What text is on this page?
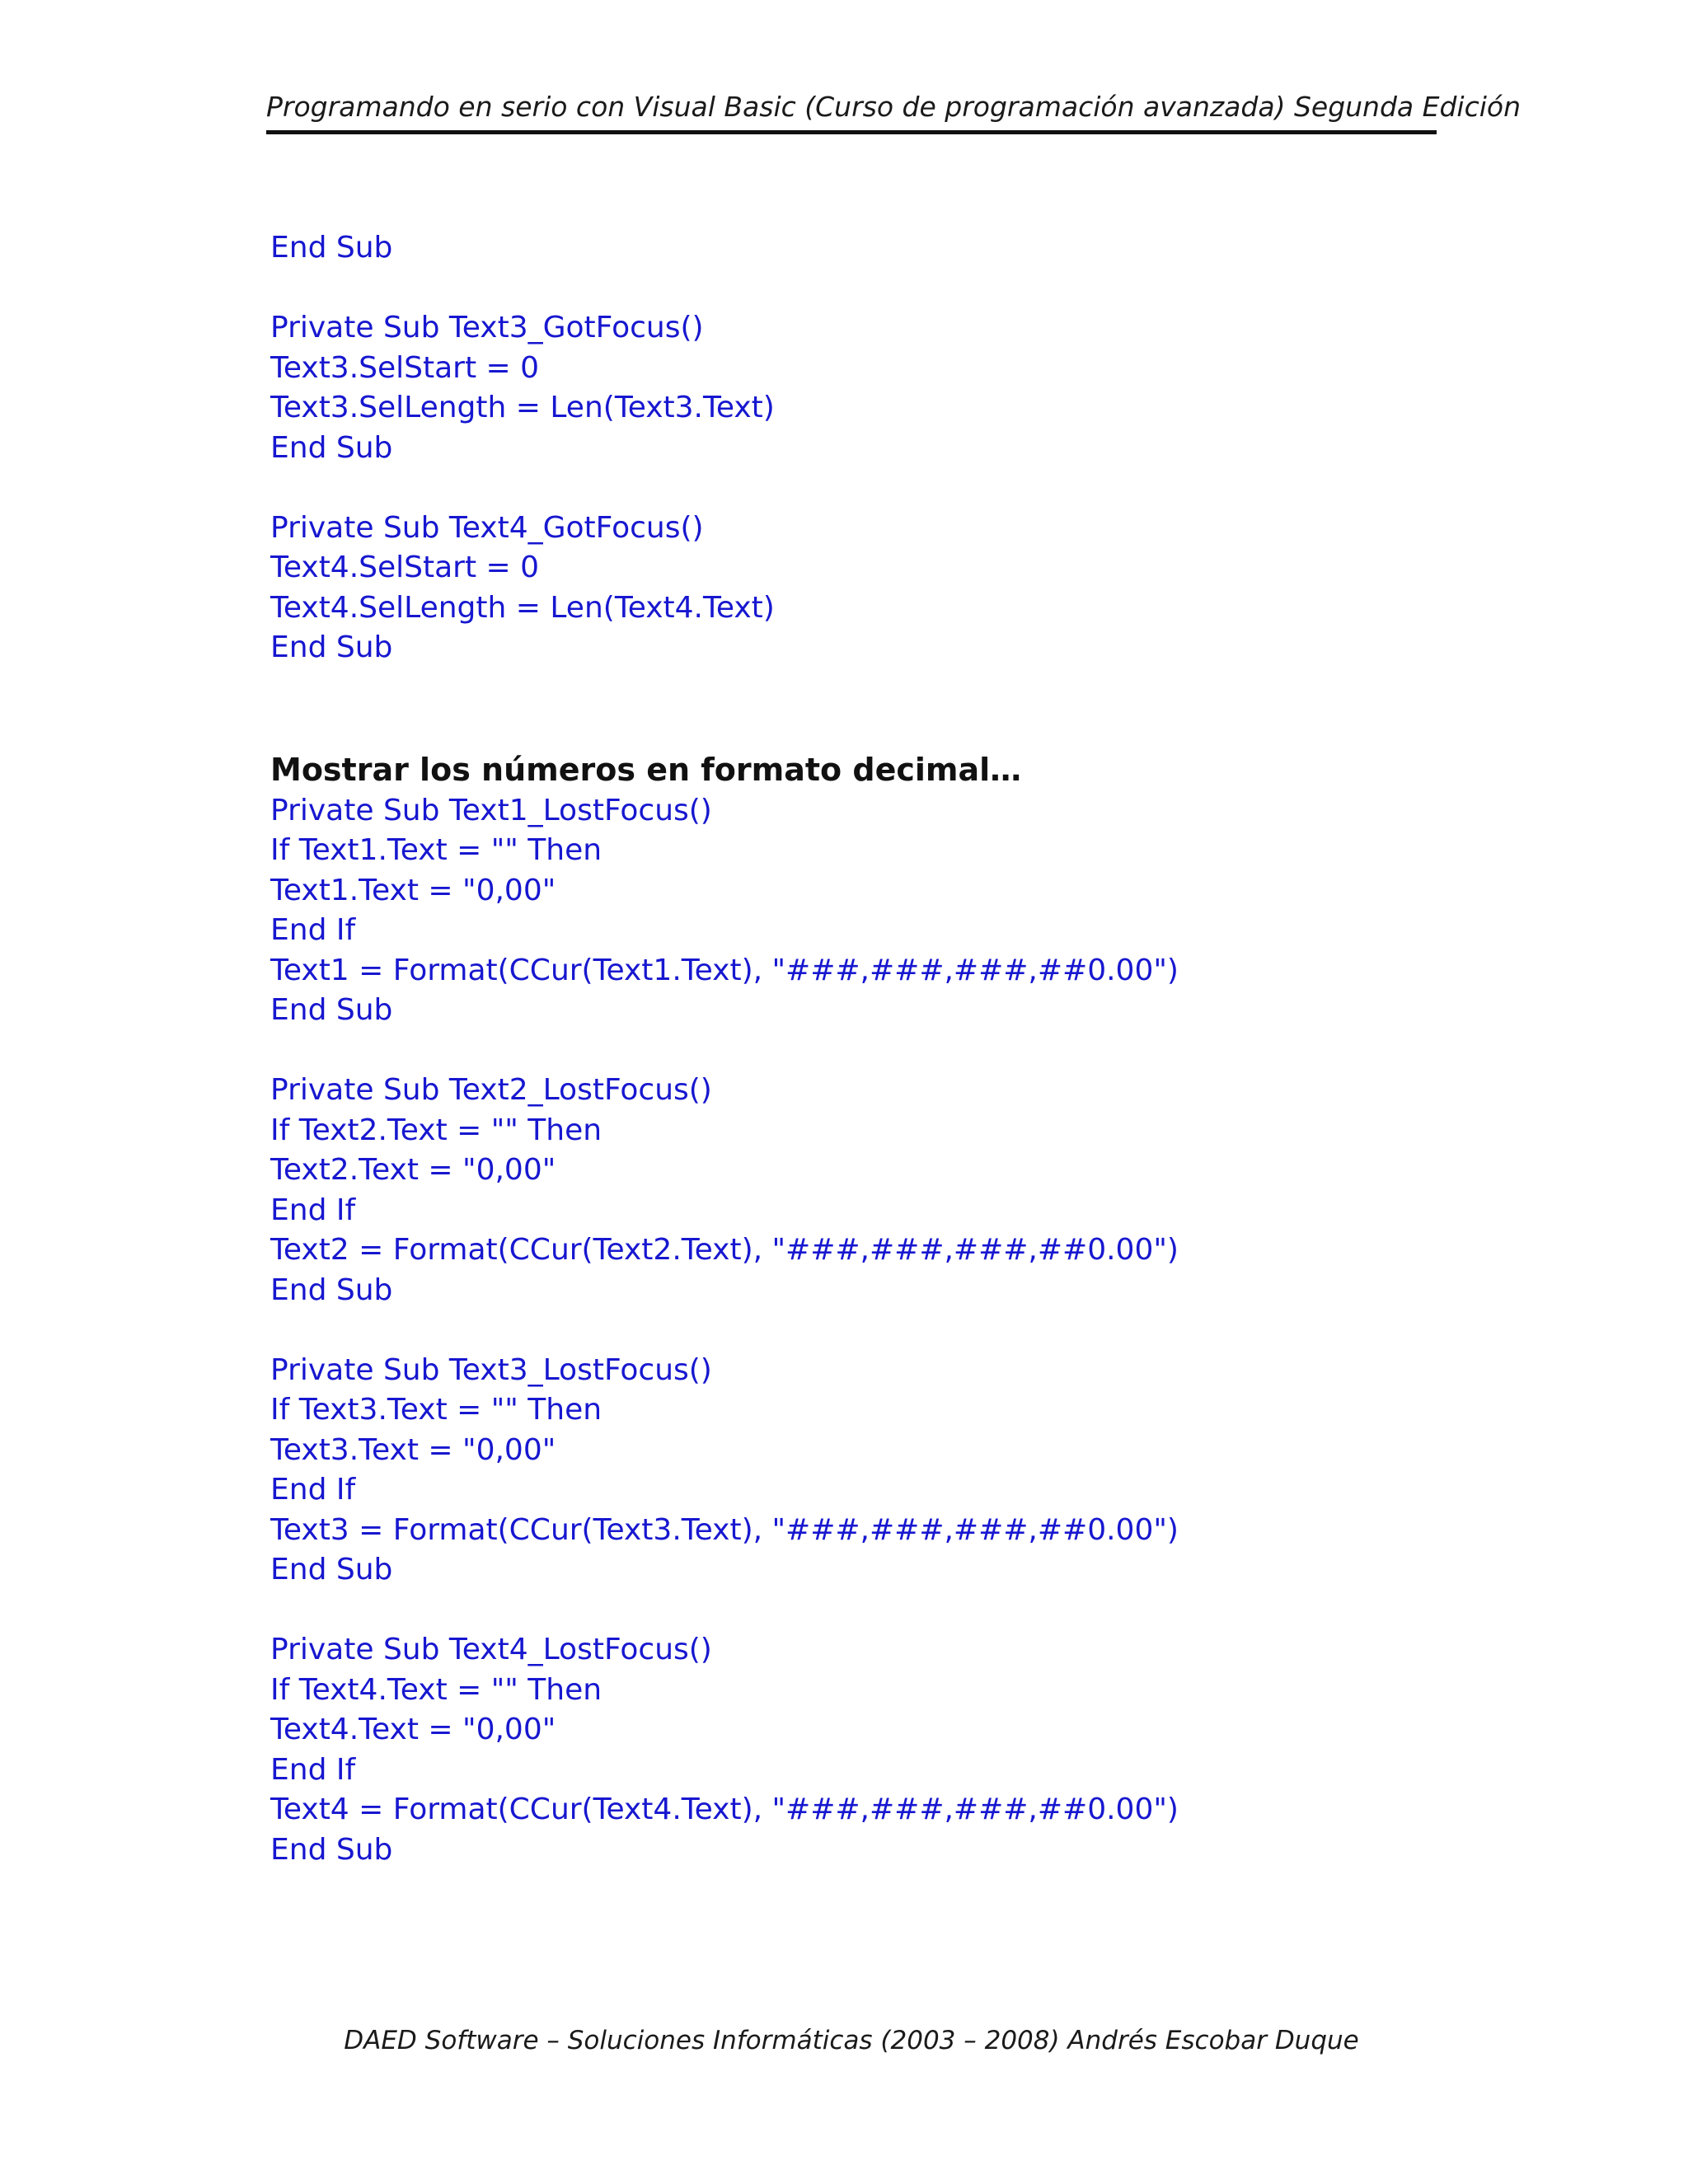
Programando en serio con Visual Basic (Curso de programación avanzada) Segunda Edición
End Sub
Private Sub Text3_GotFocus()
Text3.SelStart = 0
Text3.SelLength = Len(Text3.Text)
End Sub
Private Sub Text4_GotFocus()
Text4.SelStart = 0
Text4.SelLength = Len(Text4.Text)
End Sub
Mostrar los números en formato decimal…
Private Sub Text1_LostFocus()
If Text1.Text = "" Then
Text1.Text = "0,00"
End If
Text1 = Format(CCur(Text1.Text), "###,###,###,##0.00")
End Sub
Private Sub Text2_LostFocus()
If Text2.Text = "" Then
Text2.Text = "0,00"
End If
Text2 = Format(CCur(Text2.Text), "###,###,###,##0.00")
End Sub
Private Sub Text3_LostFocus()
If Text3.Text = "" Then
Text3.Text = "0,00"
End If
Text3 = Format(CCur(Text3.Text), "###,###,###,##0.00")
End Sub
Private Sub Text4_LostFocus()
If Text4.Text = "" Then
Text4.Text = "0,00"
End If
Text4 = Format(CCur(Text4.Text), "###,###,###,##0.00")
End Sub
DAED Software – Soluciones Informáticas (2003 – 2008) Andrés Escobar Duque
